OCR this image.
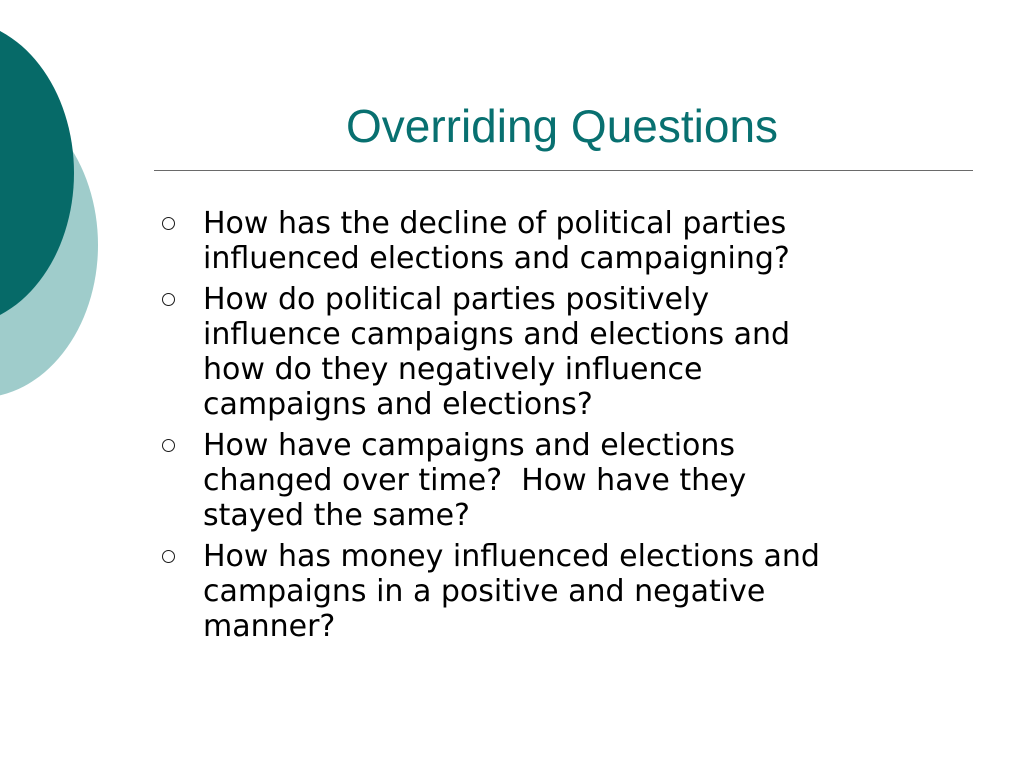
Overriding Questions
How has the decline of political parties
influenced elections and campaigning?
How do political parties positively
influence campaigns and elections and
how do they negatively influence
campaigns and elections?
How have campaigns and elections
changed over time?  How have they
stayed the same?
How has money influenced elections and
campaigns in a positive and negative
manner?
